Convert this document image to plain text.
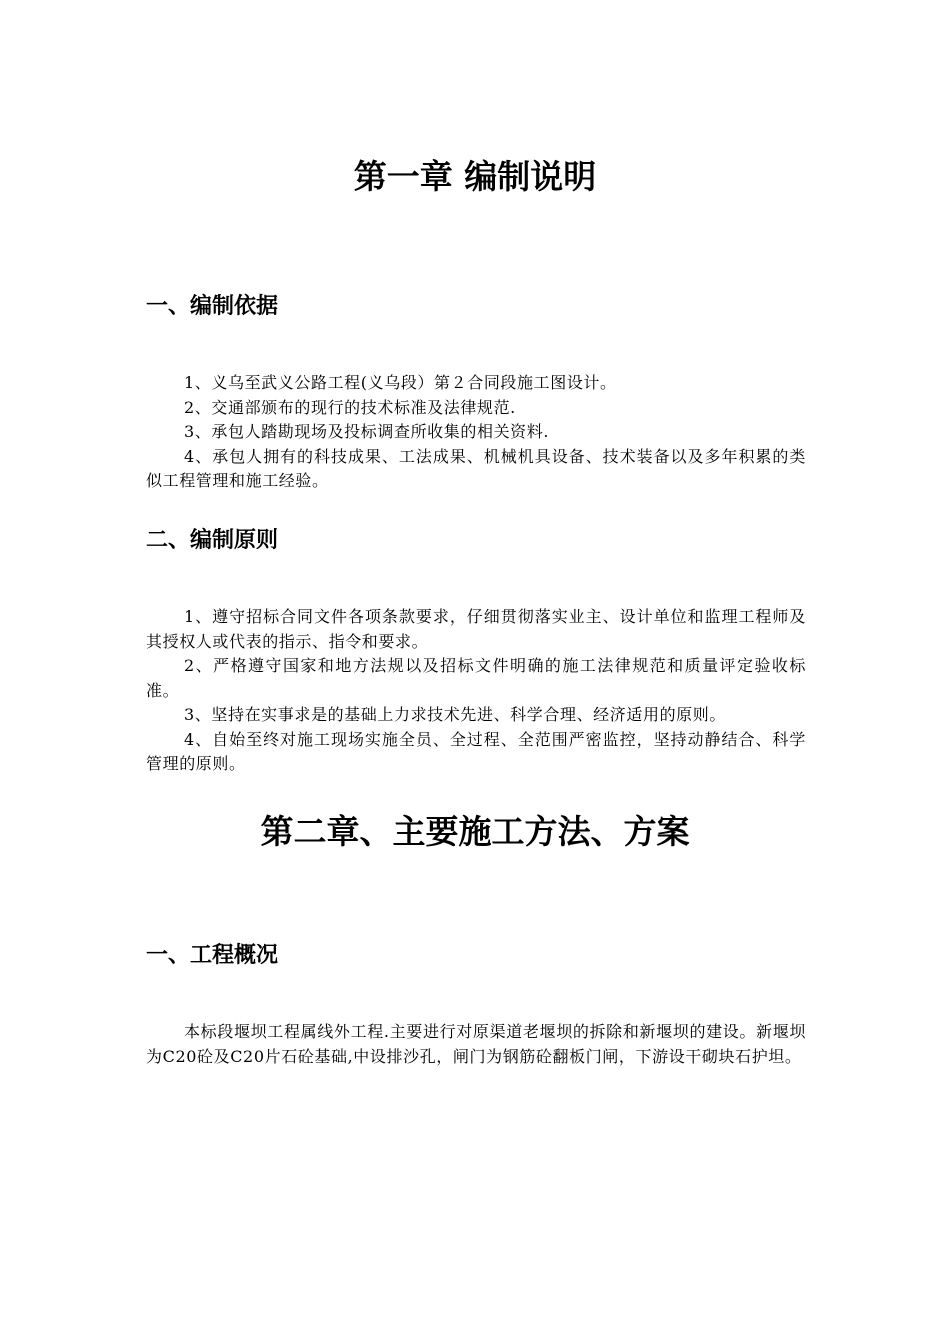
第一章 编制说明
一、编制依据

1、义乌至武义公路工程(义乌段）第２合同段施工图设计。

2、交通部颁布的现行的技术标准及法律规范.

3、承包人踏勘现场及投标调查所收集的相关资料.

4、承包人拥有的科技成果、工法成果、机械机具设备、技术装备以及多年积累的类似工程管理和施工经验。

二、编制原则

1、遵守招标合同文件各项条款要求，仔细贯彻落实业主、设计单位和监理工程师及其授权人或代表的指示、指令和要求。

2、严格遵守国家和地方法规以及招标文件明确的施工法律规范和质量评定验收标准。

3、坚持在实事求是的基础上力求技术先进、科学合理、经济适用的原则。

4、自始至终对施工现场实施全员、全过程、全范围严密监控，坚持动静结合、科学管理的原则。

第二章、主要施工方法、方案
一、工程概况

本标段堰坝工程属线外工程.主要进行对原渠道老堰坝的拆除和新堰坝的建设。新堰坝为C20砼及C20片石砼基础,中设排沙孔，闸门为钢筋砼翻板门闸，下游设干砌块石护坦。
